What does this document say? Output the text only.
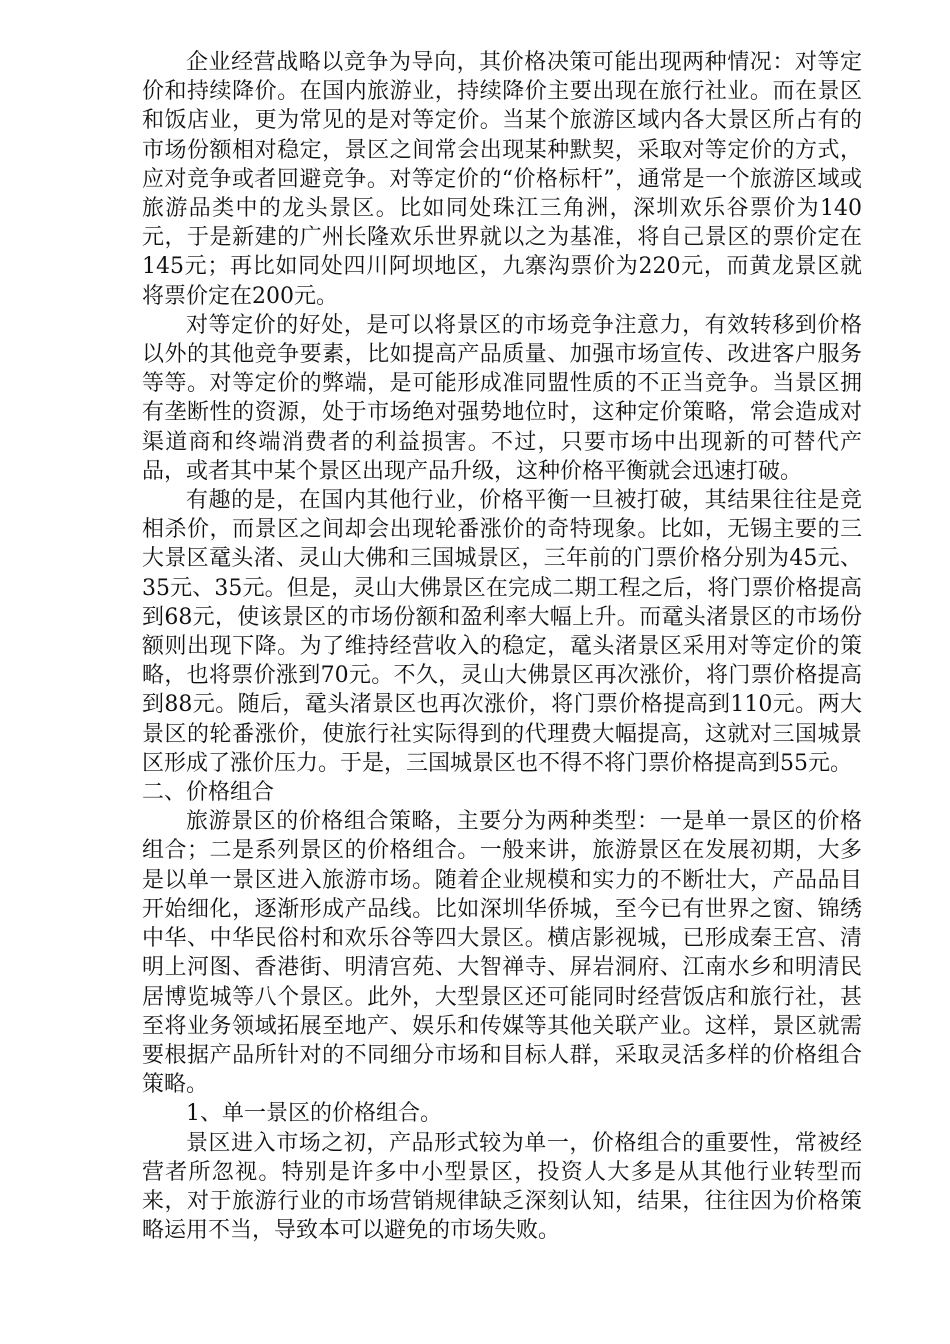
企业经营战略以竞争为导向，其价格决策可能出现两种情况：对等定价和持续降价。在国内旅游业，持续降价主要出现在旅行社业。而在景区和饭店业，更为常见的是对等定价。当某个旅游区域内各大景区所占有的市场份额相对稳定，景区之间常会出现某种默契，采取对等定价的方式，应对竞争或者回避竞争。对等定价的“价格标杆”，通常是一个旅游区域或旅游品类中的龙头景区。比如同处珠江三角洲，深圳欢乐谷票价为140元，于是新建的广州长隆欢乐世界就以之为基准，将自己景区的票价定在145元；再比如同处四川阿坝地区，九寨沟票价为220元，而黄龙景区就将票价定在200元。

对等定价的好处，是可以将景区的市场竞争注意力，有效转移到价格以外的其他竞争要素，比如提高产品质量、加强市场宣传、改进客户服务等等。对等定价的弊端，是可能形成准同盟性质的不正当竞争。当景区拥有垄断性的资源，处于市场绝对强势地位时，这种定价策略，常会造成对渠道商和终端消费者的利益损害。不过，只要市场中出现新的可替代产品，或者其中某个景区出现产品升级，这种价格平衡就会迅速打破。

有趣的是，在国内其他行业，价格平衡一旦被打破，其结果往往是竞相杀价，而景区之间却会出现轮番涨价的奇特现象。比如，无锡主要的三大景区鼋头渚、灵山大佛和三国城景区，三年前的门票价格分别为45元、35元、35元。但是，灵山大佛景区在完成二期工程之后，将门票价格提高到68元，使该景区的市场份额和盈利率大幅上升。而鼋头渚景区的市场份额则出现下降。为了维持经营收入的稳定，鼋头渚景区采用对等定价的策略，也将票价涨到70元。不久，灵山大佛景区再次涨价，将门票价格提高到88元。随后，鼋头渚景区也再次涨价，将门票价格提高到110元。两大景区的轮番涨价，使旅行社实际得到的代理费大幅提高，这就对三国城景区形成了涨价压力。于是，三国城景区也不得不将门票价格提高到55元。

二、价格组合

旅游景区的价格组合策略，主要分为两种类型：一是单一景区的价格组合；二是系列景区的价格组合。一般来讲，旅游景区在发展初期，大多是以单一景区进入旅游市场。随着企业规模和实力的不断壮大，产品品目开始细化，逐渐形成产品线。比如深圳华侨城，至今已有世界之窗、锦绣中华、中华民俗村和欢乐谷等四大景区。横店影视城，已形成秦王宫、清明上河图、香港街、明清宫苑、大智禅寺、屏岩洞府、江南水乡和明清民居博览城等八个景区。此外，大型景区还可能同时经营饭店和旅行社，甚至将业务领域拓展至地产、娱乐和传媒等其他关联产业。这样，景区就需要根据产品所针对的不同细分市场和目标人群，采取灵活多样的价格组合策略。

1、单一景区的价格组合。

景区进入市场之初，产品形式较为单一，价格组合的重要性，常被经营者所忽视。特别是许多中小型景区，投资人大多是从其他行业转型而来，对于旅游行业的市场营销规律缺乏深刻认知，结果，往往因为价格策略运用不当，导致本可以避免的市场失败。
